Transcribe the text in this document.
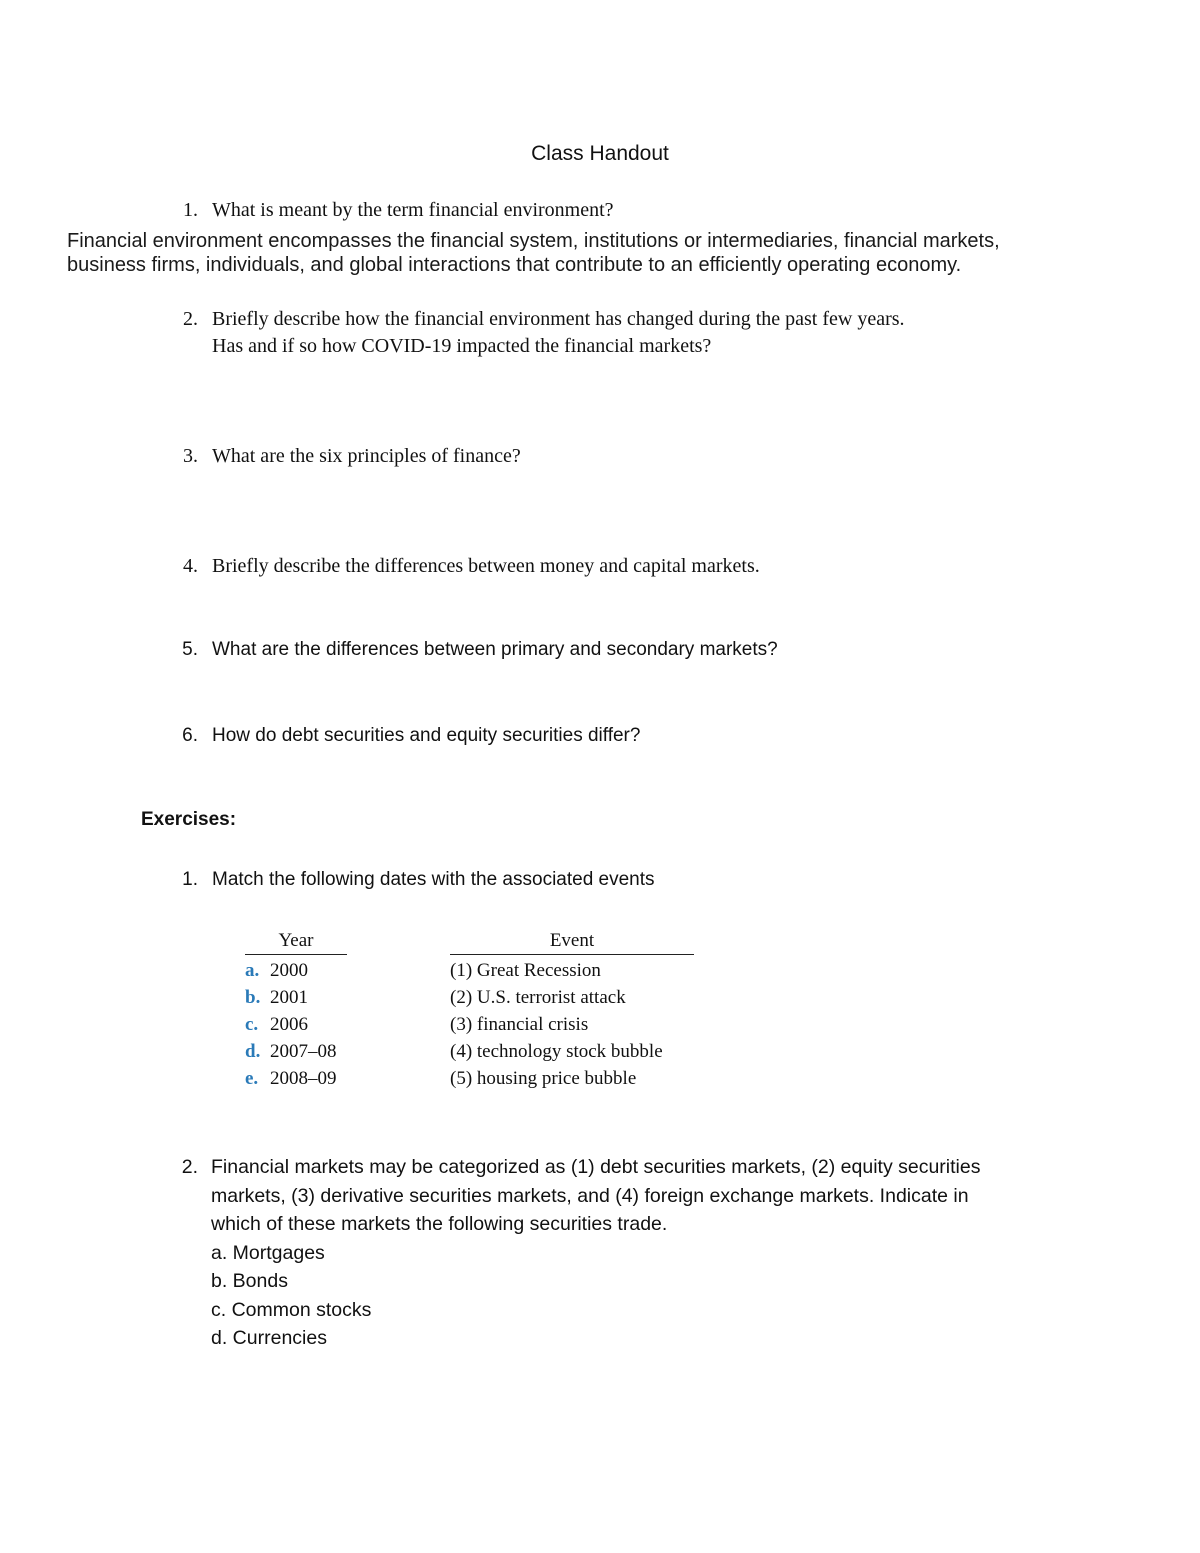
Class Handout
1. What is meant by the term financial environment?
Financial environment encompasses the financial system, institutions or intermediaries, financial markets,
business firms, individuals, and global interactions that contribute to an efficiently operating economy.
2. Briefly describe how the financial environment has changed during the past few years.
Has and if so how COVID-19 impacted the financial markets?
3. What are the six principles of finance?
4. Briefly describe the differences between money and capital markets.
5. What are the differences between primary and secondary markets?
6. How do debt securities and equity securities differ?
Exercises:
1. Match the following dates with the associated events
Year	Event
a. 2000	(1) Great Recession
b. 2001	(2) U.S. terrorist attack
c. 2006	(3) financial crisis
d. 2007–08	(4) technology stock bubble
e. 2008–09	(5) housing price bubble
2. Financial markets may be categorized as (1) debt securities markets, (2) equity securities
markets, (3) derivative securities markets, and (4) foreign exchange markets. Indicate in
which of these markets the following securities trade.
a. Mortgages
b. Bonds
c. Common stocks
d. Currencies
